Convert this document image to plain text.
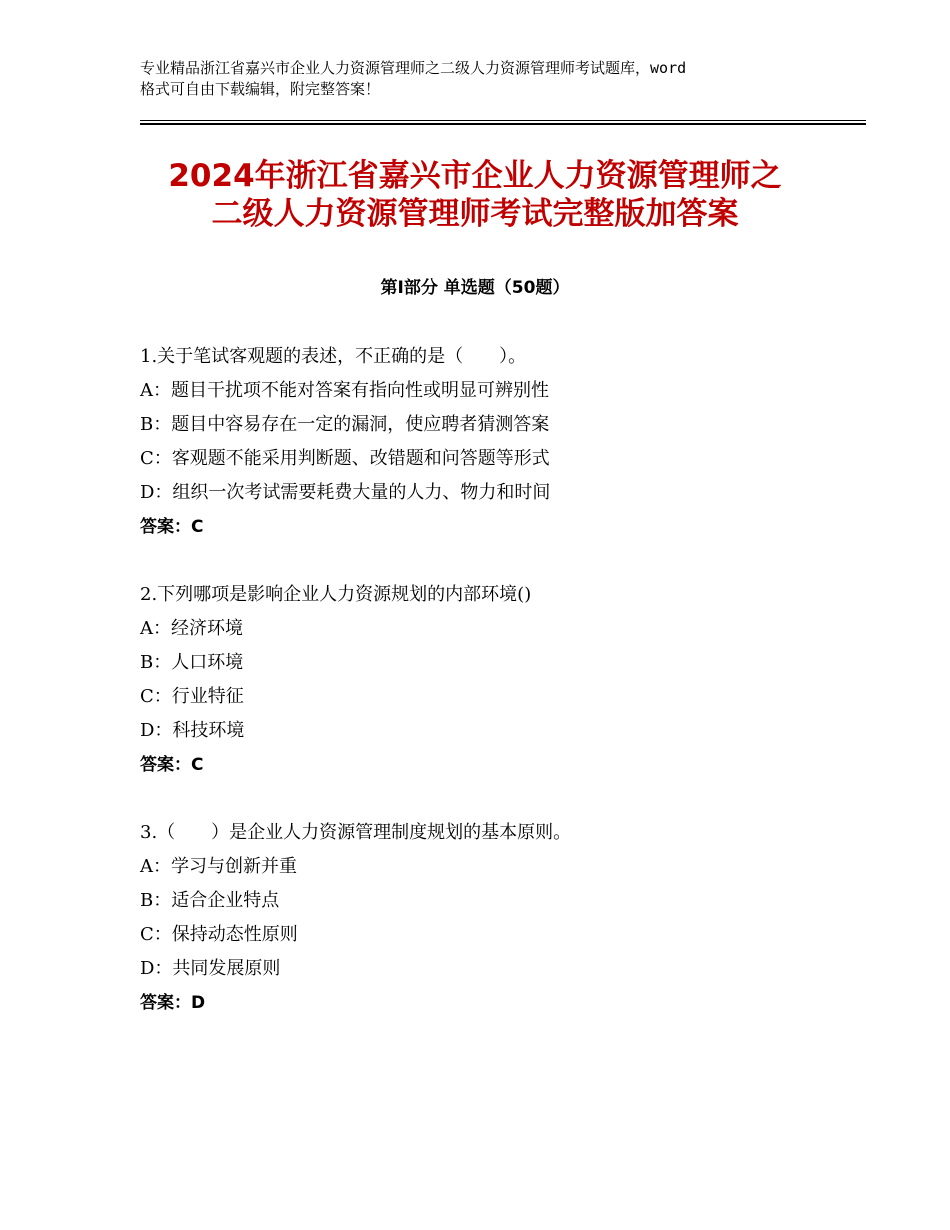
专业精品浙江省嘉兴市企业人力资源管理师之二级人力资源管理师考试题库，word
格式可自由下载编辑，附完整答案！
2024年浙江省嘉兴市企业人力资源管理师之
二级人力资源管理师考试完整版加答案
第Ⅰ部分 单选题（50题）
1.关于笔试客观题的表述，不正确的是（　　）。
A：题目干扰项不能对答案有指向性或明显可辨别性
B：题目中容易存在一定的漏洞，使应聘者猜测答案
C：客观题不能采用判断题、改错题和问答题等形式
D：组织一次考试需要耗费大量的人力、物力和时间
答案：C
2.下列哪项是影响企业人力资源规划的内部环境()
A：经济环境
B：人口环境
C：行业特征
D：科技环境
答案：C
3.（　　）是企业人力资源管理制度规划的基本原则。
A：学习与创新并重
B：适合企业特点
C：保持动态性原则
D：共同发展原则
答案：D
